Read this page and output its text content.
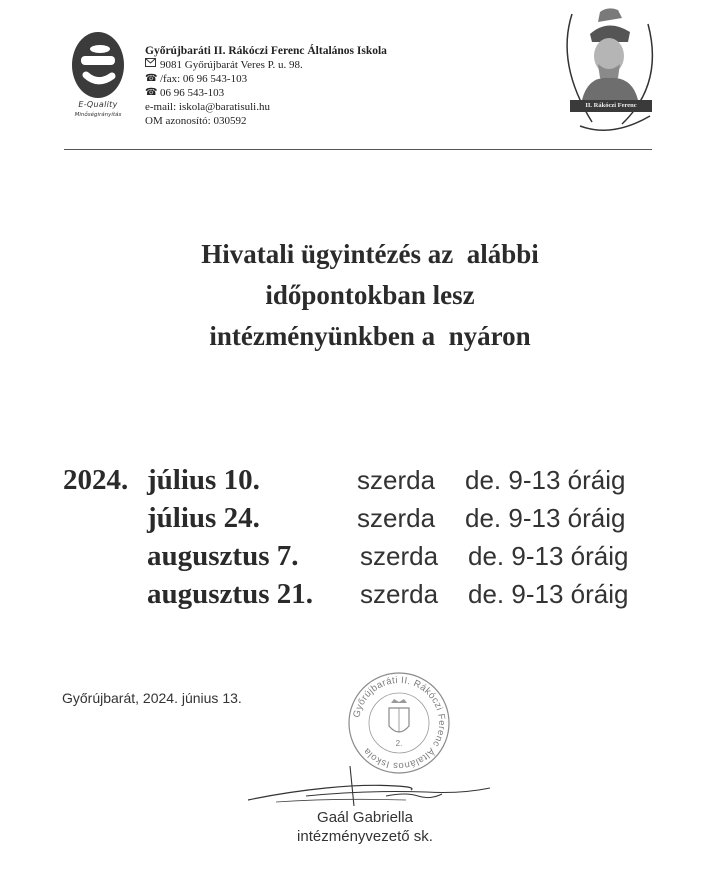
E-Quality
Minőségirányítás
Győrújbaráti II. Rákóczi Ferenc Általános Iskola
9081 Győrújbarát Veres P. u. 98.
☎ /fax: 06 96 543-103
☎ 06 96 543-103
e-mail: iskola@baratisuli.hu
OM azonosító: 030592
II. Rákóczi Ferenc
Hivatali ügyintézés az  alábbi
időpontokban lesz
intézményünkben a  nyáron
2024. július 10.	szerda de. 9-13 óráig
július 24.	szerda de. 9-13 óráig
augusztus 7. szerda de. 9-13 óráig
augusztus 21. szerda de. 9-13 óráig
Győrújbarát, 2024. június 13.
Győrújbaráti II. Rákóczi Ferenc Általános Iskola
2.
Gaál Gabriella
intézményvezető sk.
